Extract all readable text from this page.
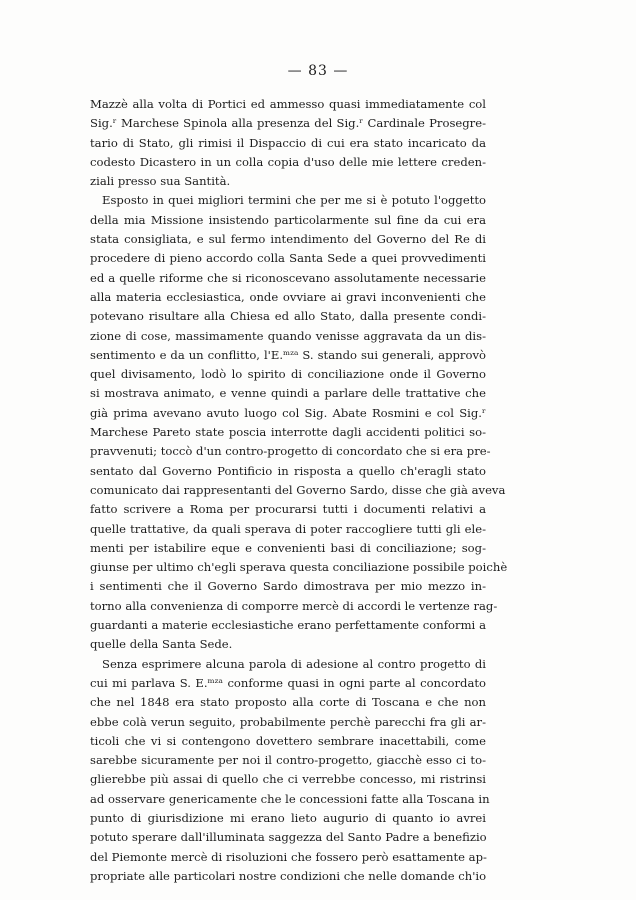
— 83 —
Mazzè alla volta di Portici ed ammesso quasi immediatamente col
Sig.ʳ Marchese Spinola alla presenza del Sig.ʳ Cardinale Prosegre-
tario di Stato, gli rimisi il Dispaccio di cui era stato incaricato da
codesto Dicastero in un colla copia d'uso delle mie lettere creden-
ziali presso sua Santità.
Esposto in quei migliori termini che per me si è potuto l'oggetto
della mia Missione insistendo particolarmente sul fine da cui era
stata consigliata, e sul fermo intendimento del Governo del Re di
procedere di pieno accordo colla Santa Sede a quei provvedimenti
ed a quelle riforme che si riconoscevano assolutamente necessarie
alla materia ecclesiastica, onde ovviare ai gravi inconvenienti che
potevano risultare alla Chiesa ed allo Stato, dalla presente condi-
zione di cose, massimamente quando venisse aggravata da un dis-
sentimento e da un conflitto, l'E.ᵐᶻᵃ S. stando sui generali, approvò
quel divisamento, lodò lo spirito di conciliazione onde il Governo
si mostrava animato, e venne quindi a parlare delle trattative che
già prima avevano avuto luogo col Sig. Abate Rosmini e col Sig.ʳ
Marchese Pareto state poscia interrotte dagli accidenti politici so-
pravvenuti; toccò d'un contro-progetto di concordato che si era pre-
sentato dal Governo Pontificio in risposta a quello ch'eragli stato
comunicato dai rappresentanti del Governo Sardo, disse che già aveva
fatto scrivere a Roma per procurarsi tutti i documenti relativi a
quelle trattative, da quali sperava di poter raccogliere tutti gli ele-
menti per istabilire eque e convenienti basi di conciliazione; sog-
giunse per ultimo ch'egli sperava questa conciliazione possibile poichè
i sentimenti che il Governo Sardo dimostrava per mio mezzo in-
torno alla convenienza di comporre mercè di accordi le vertenze rag-
guardanti a materie ecclesiastiche erano perfettamente conformi a
quelle della Santa Sede.
Senza esprimere alcuna parola di adesione al contro progetto di
cui mi parlava S. E.ᵐᶻᵃ conforme quasi in ogni parte al concordato
che nel 1848 era stato proposto alla corte di Toscana e che non
ebbe colà verun seguito, probabilmente perchè parecchi fra gli ar-
ticoli che vi si contengono dovettero sembrare inacettabili, come
sarebbe sicuramente per noi il contro-progetto, giacchè esso ci to-
glierebbe più assai di quello che ci verrebbe concesso, mi ristrinsi
ad osservare genericamente che le concessioni fatte alla Toscana in
punto di giurisdizione mi erano lieto augurio di quanto io avrei
potuto sperare dall'illuminata saggezza del Santo Padre a benefizio
del Piemonte mercè di risoluzioni che fossero però esattamente ap-
propriate alle particolari nostre condizioni che nelle domande ch'io
